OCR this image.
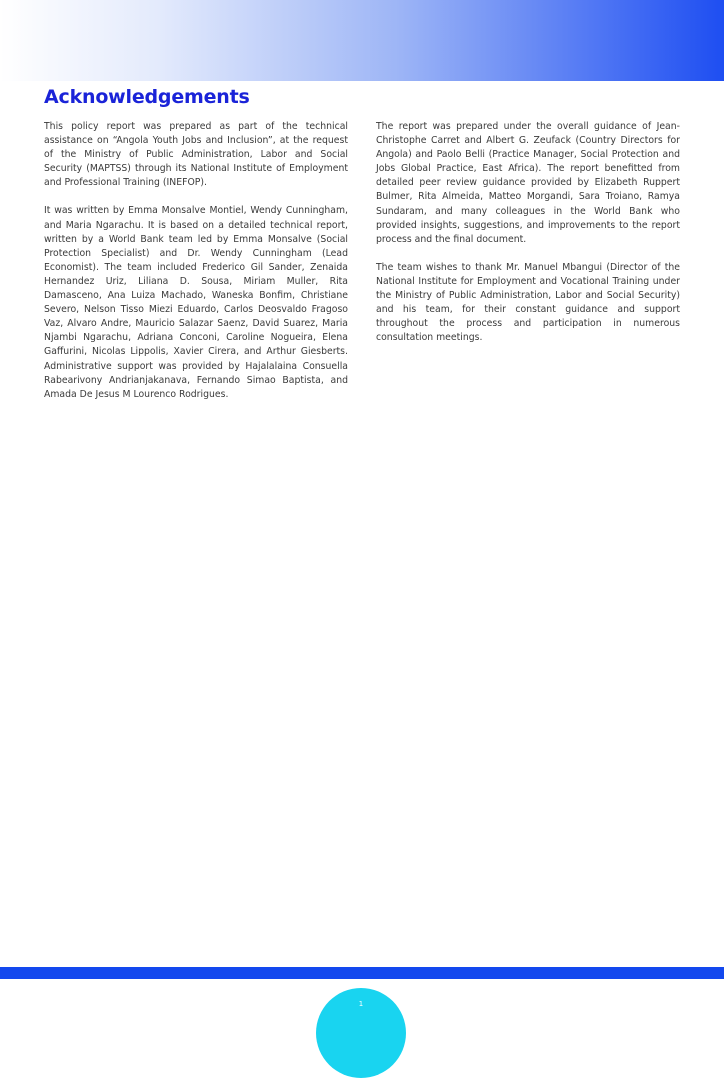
Acknowledgements

This policy report was prepared as part of the technical assistance on “Angola Youth Jobs and Inclusion”, at the request of the Ministry of Public Administration, Labor and Social Security (MAPTSS) through its National Institute of Employment and Professional Training (INEFOP).

It was written by Emma Monsalve Montiel, Wendy Cunningham, and Maria Ngarachu. It is based on a detailed technical report, written by a World Bank team led by Emma Monsalve (Social Protection Specialist) and Dr. Wendy Cunningham (Lead Economist). The team included Frederico Gil Sander, Zenaida Hernandez Uriz, Liliana D. Sousa, Miriam Muller, Rita Damasceno, Ana Luiza Machado, Waneska Bonfim, Christiane Severo, Nelson Tisso Miezi Eduardo, Carlos Deosvaldo Fragoso Vaz, Alvaro Andre, Mauricio Salazar Saenz, David Suarez, Maria Njambi Ngarachu, Adriana Conconi, Caroline Nogueira, Elena Gaffurini, Nicolas Lippolis, Xavier Cirera, and Arthur Giesberts. Administrative support was provided by Hajalalaina Consuella Rabearivony Andrianjakanava, Fernando Simao Baptista, and Amada De Jesus M Lourenco Rodrigues.

The report was prepared under the overall guidance of Jean-Christophe Carret and Albert G. Zeufack (Country Directors for Angola) and Paolo Belli (Practice Manager, Social Protection and Jobs Global Practice, East Africa). The report benefitted from detailed peer review guidance provided by Elizabeth Ruppert Bulmer, Rita Almeida, Matteo Morgandi, Sara Troiano, Ramya Sundaram, and many colleagues in the World Bank who provided insights, suggestions, and improvements to the report process and the final document.

The team wishes to thank Mr. Manuel Mbangui (Director of the National Institute for Employment and Vocational Training under the Ministry of Public Administration, Labor and Social Security) and his team, for their constant guidance and support throughout the process and participation in numerous consultation meetings.

1
